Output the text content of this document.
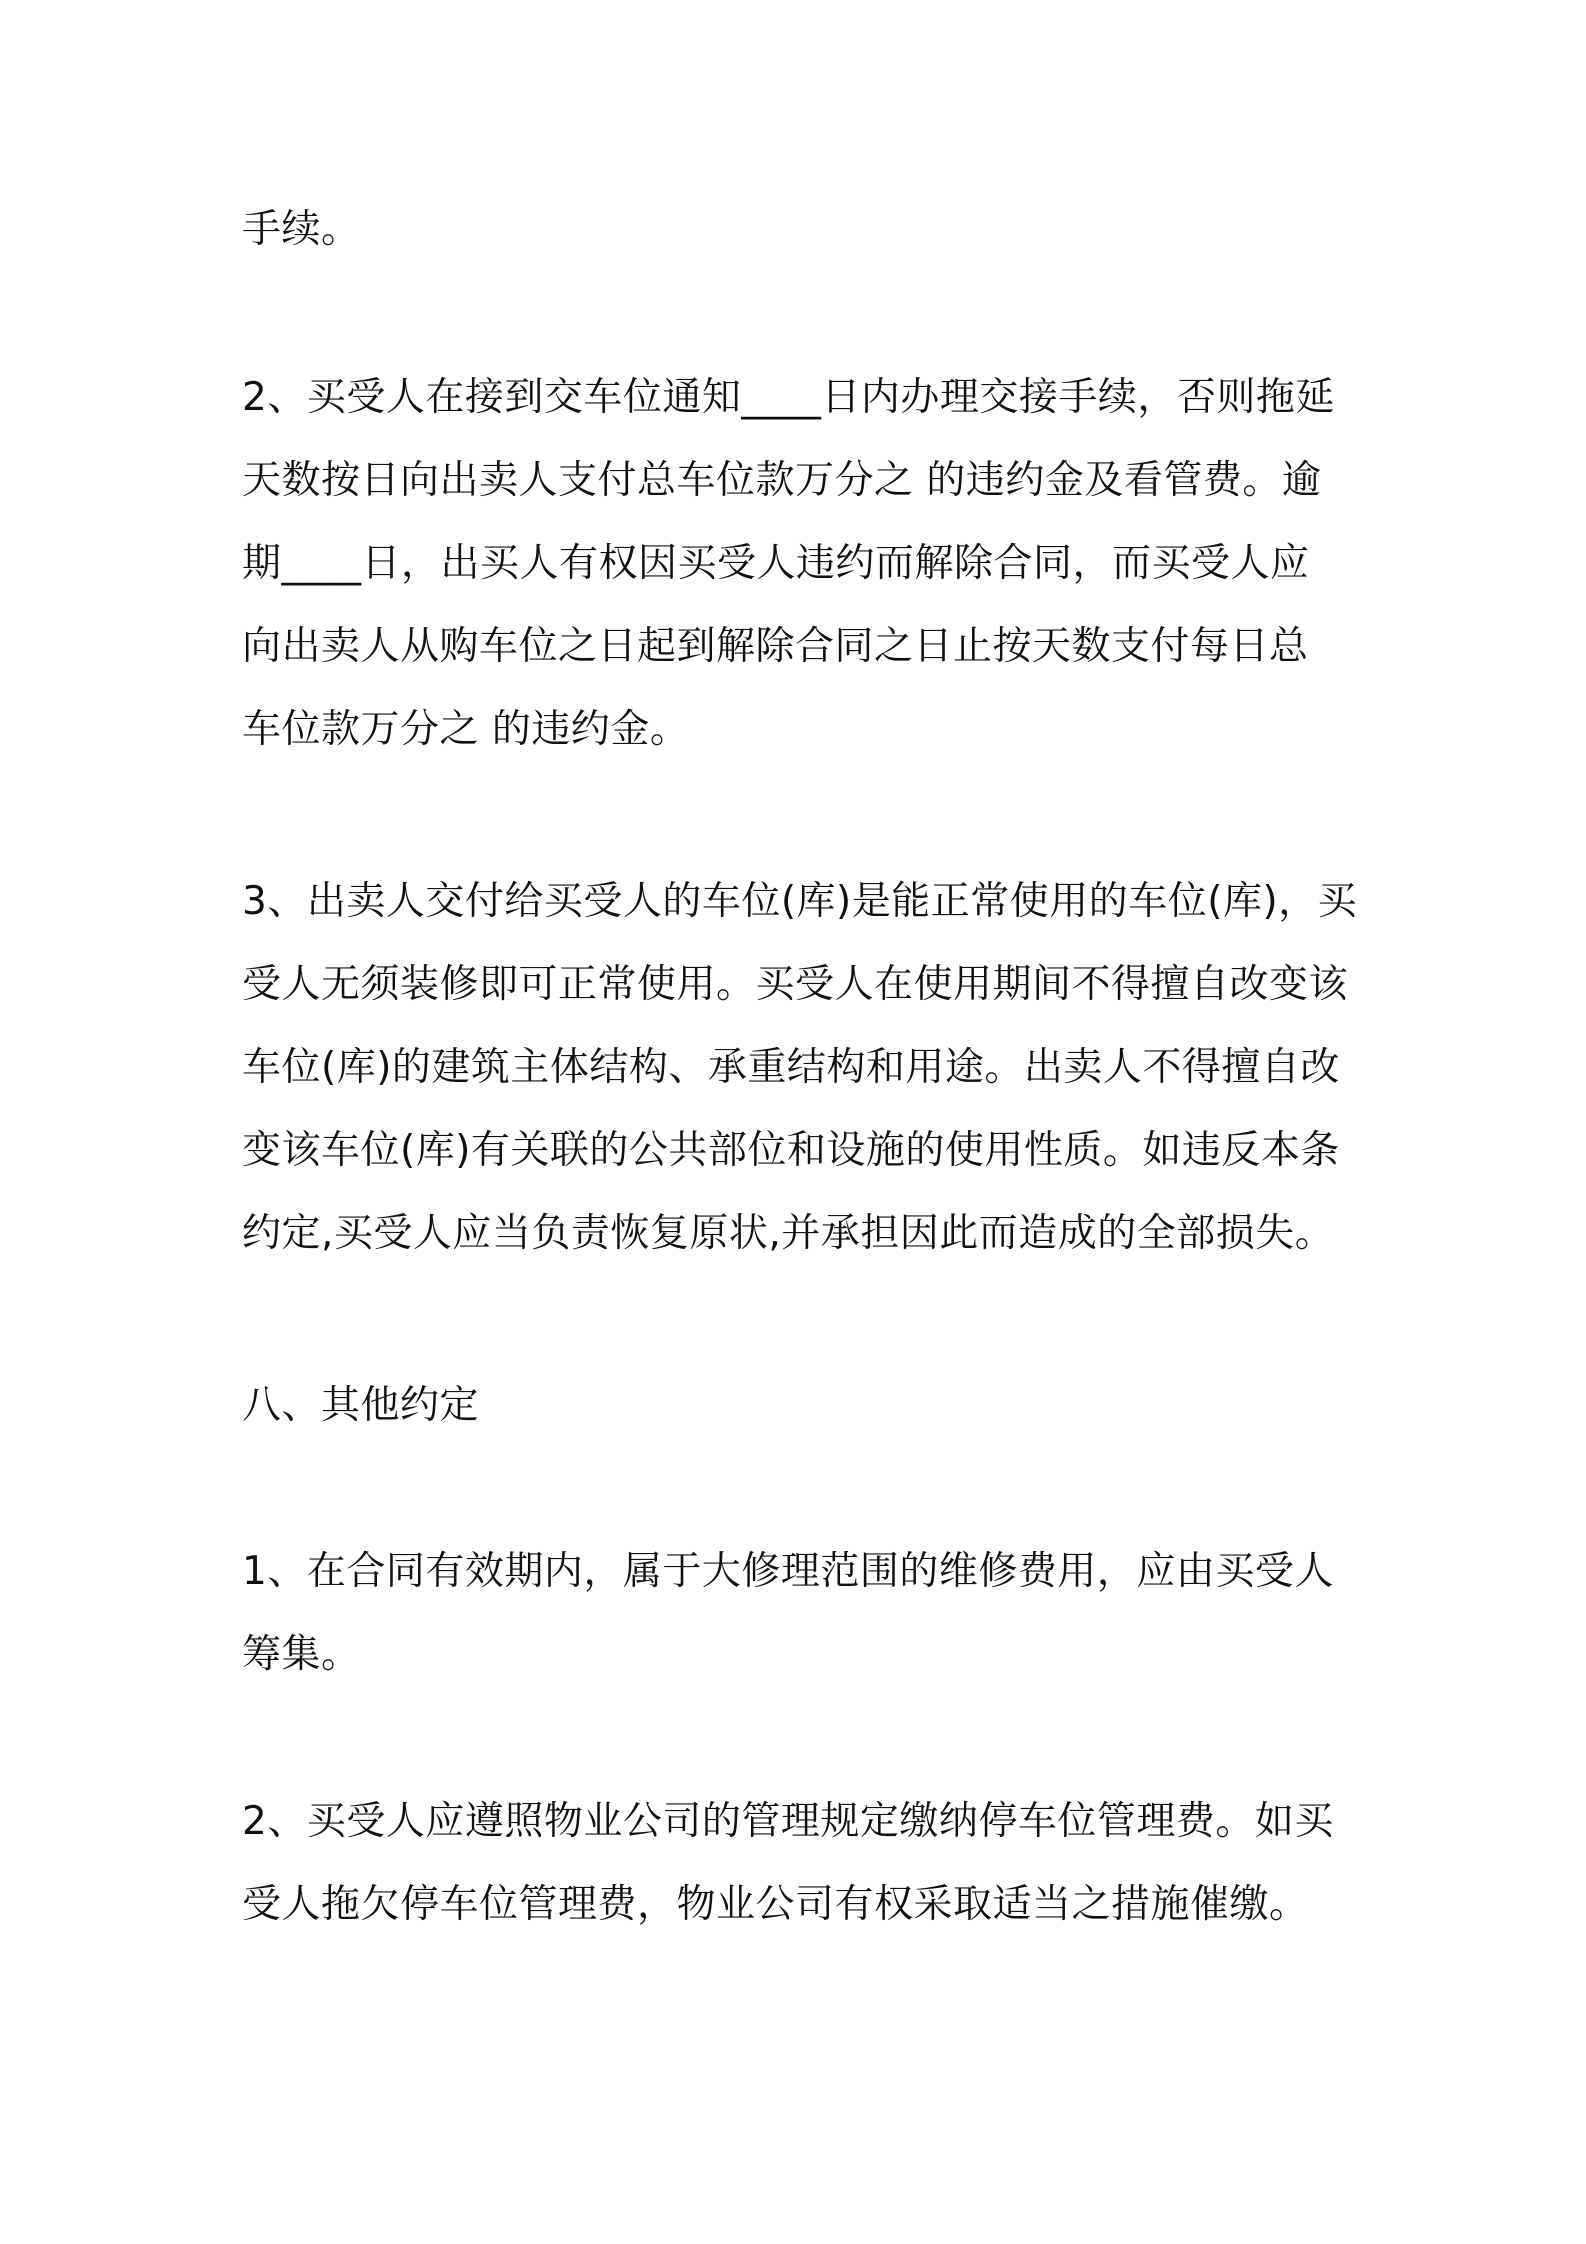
手续。

2、买受人在接到交车位通知____日内办理交接手续，否则拖延
天数按日向出卖人支付总车位款万分之 的违约金及看管费。逾
期____日，出买人有权因买受人违约而解除合同，而买受人应
向出卖人从购车位之日起到解除合同之日止按天数支付每日总
车位款万分之 的违约金。

3、出卖人交付给买受人的车位(库)是能正常使用的车位(库)，买
受人无须装修即可正常使用。买受人在使用期间不得擅自改变该
车位(库)的建筑主体结构、承重结构和用途。出卖人不得擅自改
变该车位(库)有关联的公共部位和设施的使用性质。如违反本条
约定,买受人应当负责恢复原状,并承担因此而造成的全部损失。

八、其他约定

1、在合同有效期内，属于大修理范围的维修费用，应由买受人
筹集。

2、买受人应遵照物业公司的管理规定缴纳停车位管理费。如买
受人拖欠停车位管理费，物业公司有权采取适当之措施催缴。
